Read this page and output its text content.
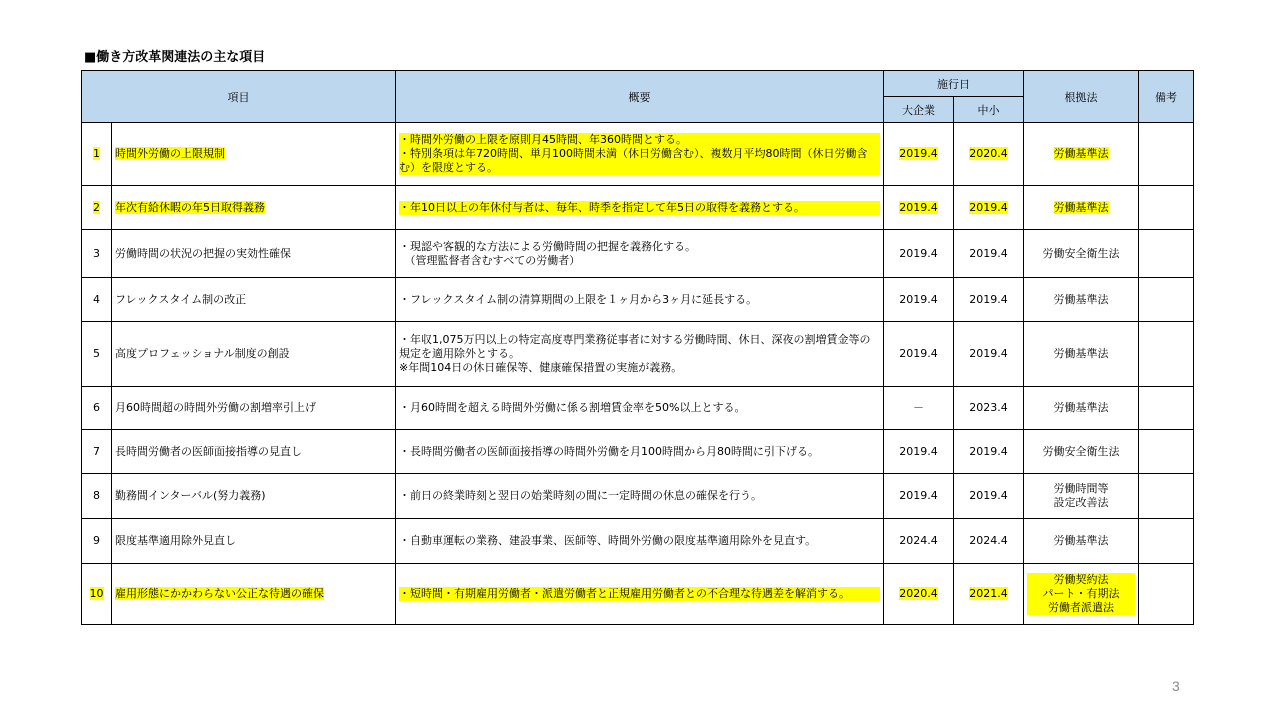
■働き方改革関連法の主な項目
項目		概要	施行日		根拠法	備考
			大企業	中小		
1	時間外労働の上限規制	・時間外労働の上限を原則月45時間、年360時間とする。
・特別条項は年720時間、単月100時間未満（休日労働含む）、複数月平均80時間（休日労働含む）を限度とする。	2019.4	2020.4	労働基準法	
2	年次有給休暇の年5日取得義務	・年10日以上の年休付与者は、毎年、時季を指定して年5日の取得を義務とする。	2019.4	2019.4	労働基準法	
3	労働時間の状況の把握の実効性確保	・現認や客観的な方法による労働時間の把握を義務化する。
　（管理監督者含むすべての労働者）	2019.4	2019.4	労働安全衛生法	
4	フレックスタイム制の改正	・フレックスタイム制の清算期間の上限を１ヶ月から3ヶ月に延長する。	2019.4	2019.4	労働基準法	
5	高度プロフェッショナル制度の創設	・年収1,075万円以上の特定高度専門業務従事者に対する労働時間、休日、深夜の割増賃金等の規定を適用除外とする。
※年間104日の休日確保等、健康確保措置の実施が義務。	2019.4	2019.4	労働基準法	
6	月60時間超の時間外労働の割増率引上げ	・月60時間を超える時間外労働に係る割増賃金率を50%以上とする。	－	2023.4	労働基準法	
7	長時間労働者の医師面接指導の見直し	・長時間労働者の医師面接指導の時間外労働を月100時間から月80時間に引下げる。	2019.4	2019.4	労働安全衛生法	
8	勤務間インターバル(努力義務)	・前日の終業時刻と翌日の始業時刻の間に一定時間の休息の確保を行う。	2019.4	2019.4	労働時間等
設定改善法	

9	限度基準適用除外見直し	・自動車運転の業務、建設事業、医師等、時間外労働の限度基準適用除外を見直す。	2024.4	2024.4	労働基準法	
10	雇用形態にかかわらない公正な待遇の確保	・短時間・有期雇用労働者・派遣労働者と正規雇用労働者との不合理な待遇差を解消する。	2020.4	2021.4	労働契約法
パート・有期法
労働者派遣法	

3
